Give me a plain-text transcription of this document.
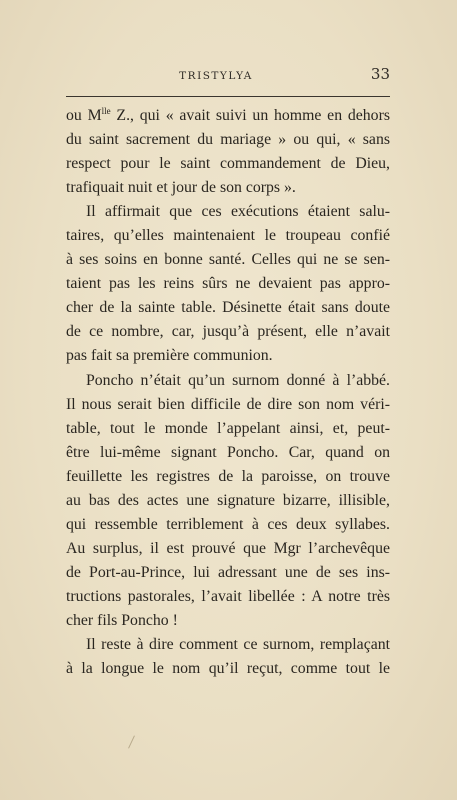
TRISTYLYA	33
ou $M^{lle}$ Z., qui « avait suivi un homme en dehors
du saint sacrement du mariage » ou qui, « sans
respect pour le saint commandement de Dieu,
trafiquait nuit et jour de son corps ».
Il affirmait que ces exécutions étaient salu-
taires, qu’elles maintenaient le troupeau confié
à ses soins en bonne santé. Celles qui ne se sen-
taient pas les reins sûrs ne devaient pas appro-
cher de la sainte table. Désinette était sans doute
de ce nombre, car, jusqu’à présent, elle n’avait
pas fait sa première communion.
Poncho n’était qu’un surnom donné à l’abbé.
Il nous serait bien difficile de dire son nom véri-
table, tout le monde l’appelant ainsi, et, peut-
être lui-même signant Poncho. Car, quand on
feuillette les registres de la paroisse, on trouve
au bas des actes une signature bizarre, illisible,
qui ressemble terriblement à ces deux syllabes.
Au surplus, il est prouvé que Mgr l’archevêque
de Port-au-Prince, lui adressant une de ses ins-
tructions pastorales, l’avait libellée : A notre très
cher fils Poncho !
Il reste à dire comment ce surnom, remplaçant
à la longue le nom qu’il reçut, comme tout le
